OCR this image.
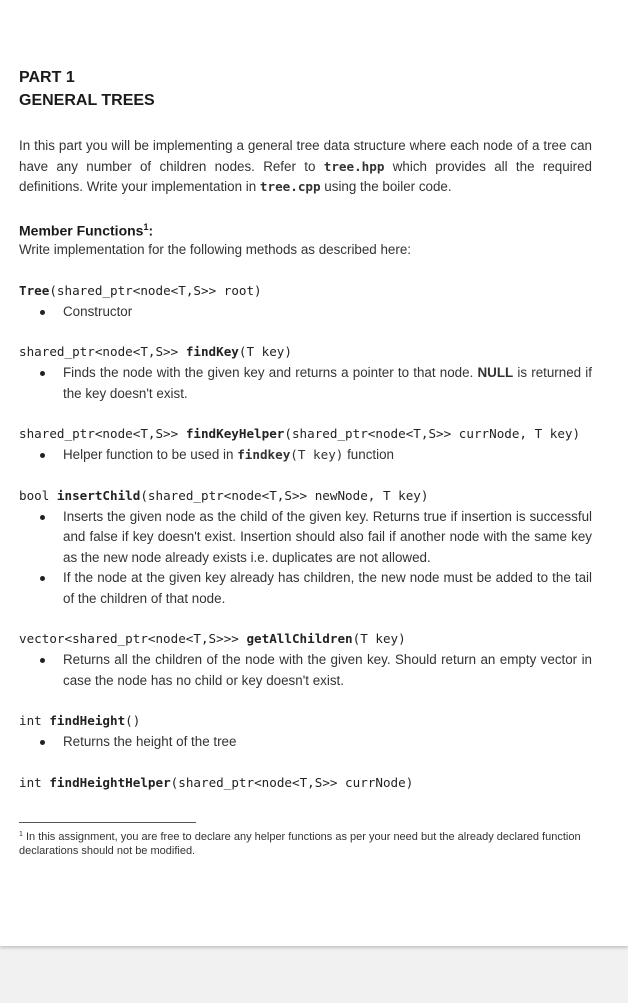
PART 1
GENERAL TREES

In this part you will be implementing a general tree data structure where each node of a tree can have any number of children nodes. Refer to tree.hpp which provides all the required definitions. Write your implementation in tree.cpp using the boiler code.

Member Functions$^1$:

Write implementation for the following methods as described here:

Tree(shared_ptr<node<T,S>> root)

Constructor

shared_ptr<node<T,S>> findKey(T key)

Finds the node with the given key and returns a pointer to that node. NULL is returned if the key doesn't exist.

shared_ptr<node<T,S>> findKeyHelper(shared_ptr<node<T,S>> currNode, T key)

Helper function to be used in findkey(T key) function

bool insertChild(shared_ptr<node<T,S>> newNode, T key)

Inserts the given node as the child of the given key. Returns true if insertion is successful and false if key doesn't exist. Insertion should also fail if another node with the same key as the new node already exists i.e. duplicates are not allowed.
If the node at the given key already has children, the new node must be added to the tail of the children of that node.

vector<shared_ptr<node<T,S>>> getAllChildren(T key)

Returns all the children of the node with the given key. Should return an empty vector in case the node has no child or key doesn't exist.

int findHeight()

Returns the height of the tree

int findHeightHelper(shared_ptr<node<T,S>> currNode)

$^1$ In this assignment, you are free to declare any helper functions as per your need but the already declared function declarations should not be modified.
